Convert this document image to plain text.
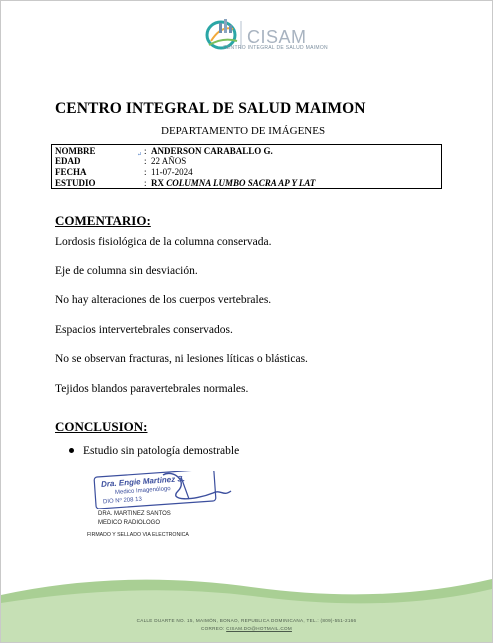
CISAM
CENTRO INTEGRAL DE SALUD MAIMON
CENTRO INTEGRAL DE SALUD MAIMON
DEPARTAMENTO DE IMÁGENES
↵
NOMBRE	: ANDERSON CARABALLO G.
EDAD	: 22 AÑOS
FECHA	: 11-07-2024
ESTUDIO	: RX COLUMNA LUMBO SACRA AP Y LAT
COMENTARIO:
Lordosis fisiológica de la columna conservada.
Eje de columna sin desviación.
No hay alteraciones de los cuerpos vertebrales.
Espacios intervertebrales conservados.
No se observan fracturas, ni lesiones líticas o blásticas.
Tejidos blandos paravertebrales normales.
CONCLUSION:
Estudio sin patología demostrable
Dra. Engie Martinez S.
Medico Imagenólogo
DIO Nº 208 13
DRA. MARTINEZ SANTOS
MEDICO RADIOLOGO
FIRMADO Y SELLADO VIA ELECTRONICA
CALLE DUARTE NO. 15, MAIMÓN, BONAO, REPUBLICA DOMINICANA, TEL.: (809)-551-2166
CORREO: CISAM.DO@HOTMAIL.COM
